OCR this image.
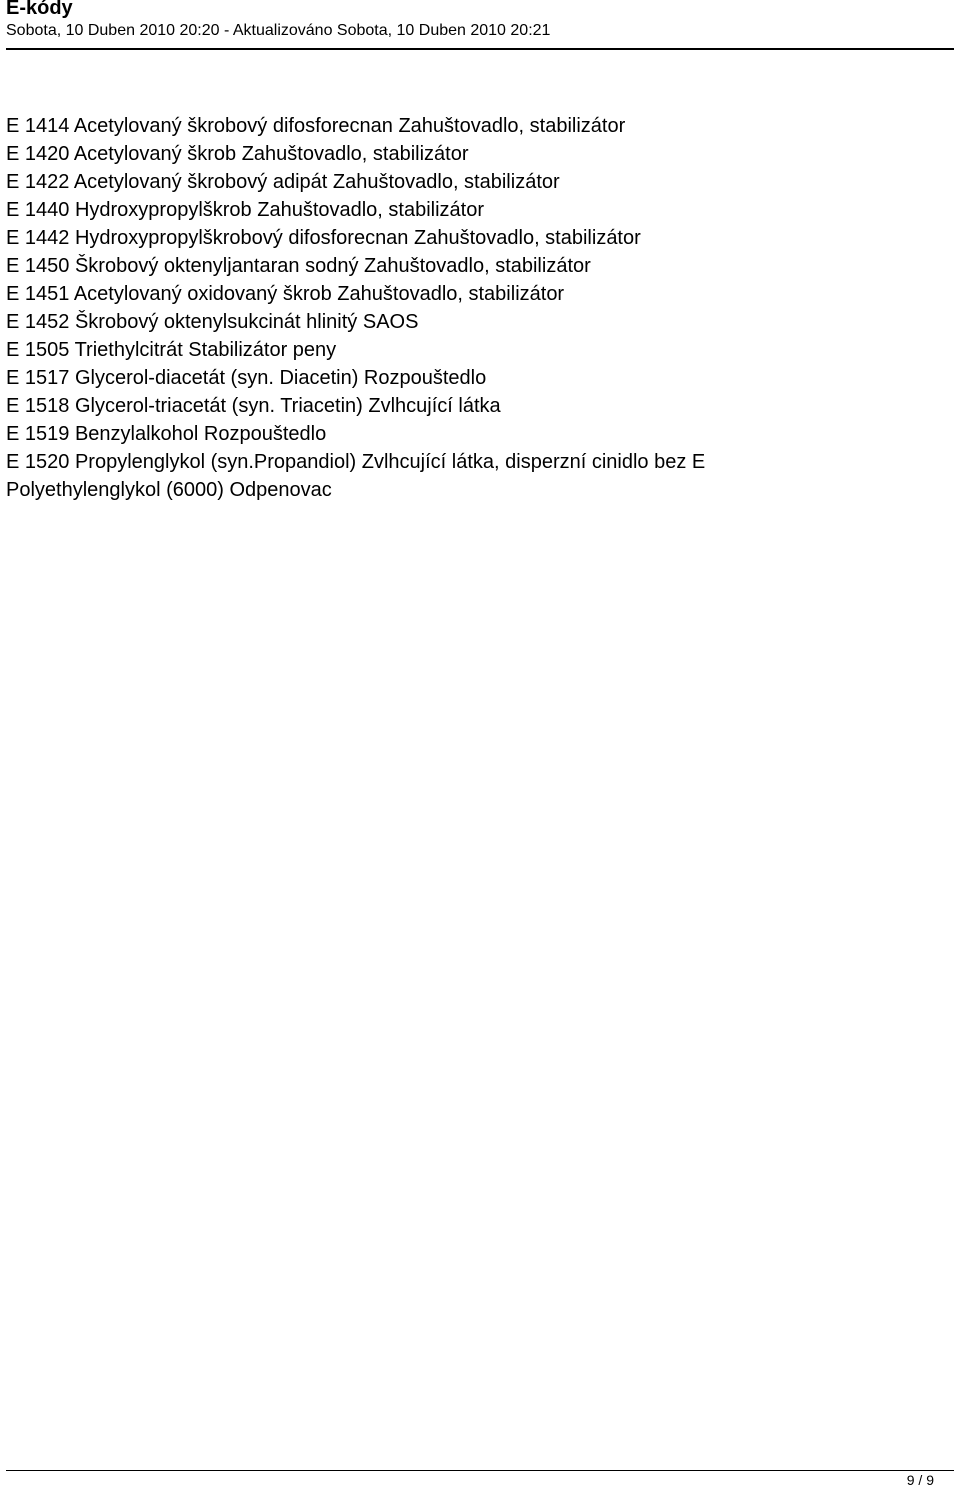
E-kódy
Sobota, 10 Duben 2010 20:20 - Aktualizováno Sobota, 10 Duben 2010 20:21
E 1414 Acetylovaný škrobový difosforecnan Zahuštovadlo, stabilizátor
E 1420 Acetylovaný škrob Zahuštovadlo, stabilizátor
E 1422 Acetylovaný škrobový adipát Zahuštovadlo, stabilizátor
E 1440 Hydroxypropylškrob Zahuštovadlo, stabilizátor
E 1442 Hydroxypropylškrobový difosforecnan Zahuštovadlo, stabilizátor
E 1450 Škrobový oktenyljantaran sodný Zahuštovadlo, stabilizátor
E 1451 Acetylovaný oxidovaný škrob Zahuštovadlo, stabilizátor
E 1452 Škrobový oktenylsukcinát hlinitý SAOS
E 1505 Triethylcitrát Stabilizátor peny
E 1517 Glycerol-diacetát (syn. Diacetin) Rozpouštedlo
E 1518 Glycerol-triacetát (syn. Triacetin) Zvlhcující látka
E 1519 Benzylalkohol Rozpouštedlo
E 1520 Propylenglykol (syn.Propandiol) Zvlhcující látka, disperzní cinidlo bez E
Polyethylenglykol (6000) Odpenovac
9 / 9
